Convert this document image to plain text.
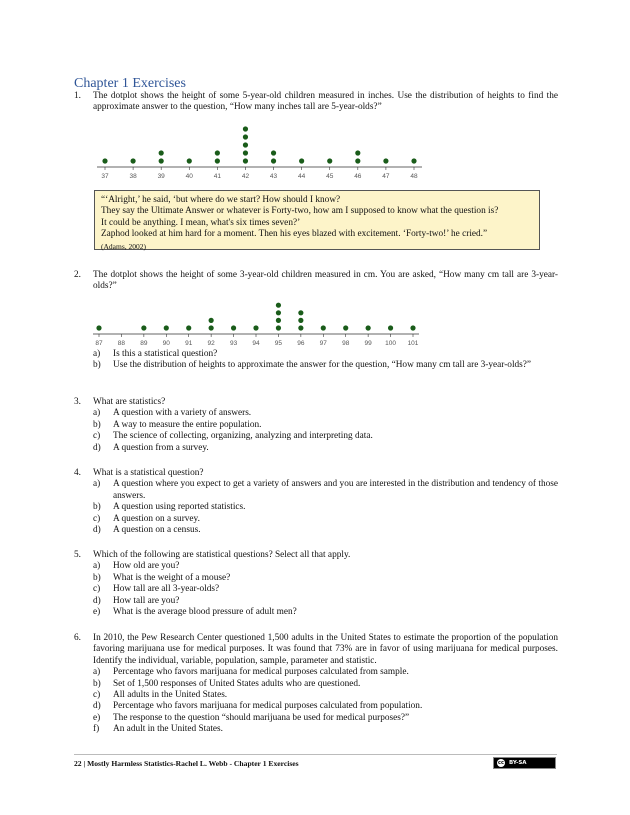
Chapter 1 Exercises
1. The dotplot shows the height of some 5-year-old children measured in inches. Use the distribution of heights to find the approximate answer to the question, “How many inches tall are 5-year-olds?”
37	38	39	40	41	42	43	44	45	46	47	48
“‘Alright,’ he said, ‘but where do we start? How should I know?
They say the Ultimate Answer or whatever is Forty-two, how am I supposed to know what the question is?
It could be anything. I mean, what's six times seven?’
Zaphod looked at him hard for a moment. Then his eyes blazed with excitement. ‘Forty-two!’ he cried.”
(Adams, 2002)
2. The dotplot shows the height of some 3-year-old children measured in cm. You are asked, “How many cm tall are 3-year-olds?”
87 88 89 90 91 92 93 94 95 96 97 98 99 100 101
a) Is this a statistical question?
b) Use the distribution of heights to approximate the answer for the question, “How many cm tall are 3-year-olds?”
3. What are statistics?
a) A question with a variety of answers.
b) A way to measure the entire population.
c) The science of collecting, organizing, analyzing and interpreting data.
d) A question from a survey.
4. What is a statistical question?
a) A question where you expect to get a variety of answers and you are interested in the distribution and tendency of those answers.
b) A question using reported statistics.
c) A question on a survey.
d) A question on a census.
5. Which of the following are statistical questions? Select all that apply.
a) How old are you?
b) What is the weight of a mouse?
c) How tall are all 3-year-olds?
d) How tall are you?
e) What is the average blood pressure of adult men?
6. In 2010, the Pew Research Center questioned 1,500 adults in the United States to estimate the proportion of the population favoring marijuana use for medical purposes. It was found that 73% are in favor of using marijuana for medical purposes. Identify the individual, variable, population, sample, parameter and statistic.
a) Percentage who favors marijuana for medical purposes calculated from sample.
b) Set of 1,500 responses of United States adults who are questioned.
c) All adults in the United States.
d) Percentage who favors marijuana for medical purposes calculated from population.
e) The response to the question “should marijuana be used for medical purposes?”
f) An adult in the United States.
22 | Mostly Harmless Statistics-Rachel L. Webb - Chapter 1 Exercises	cc BY-SA
